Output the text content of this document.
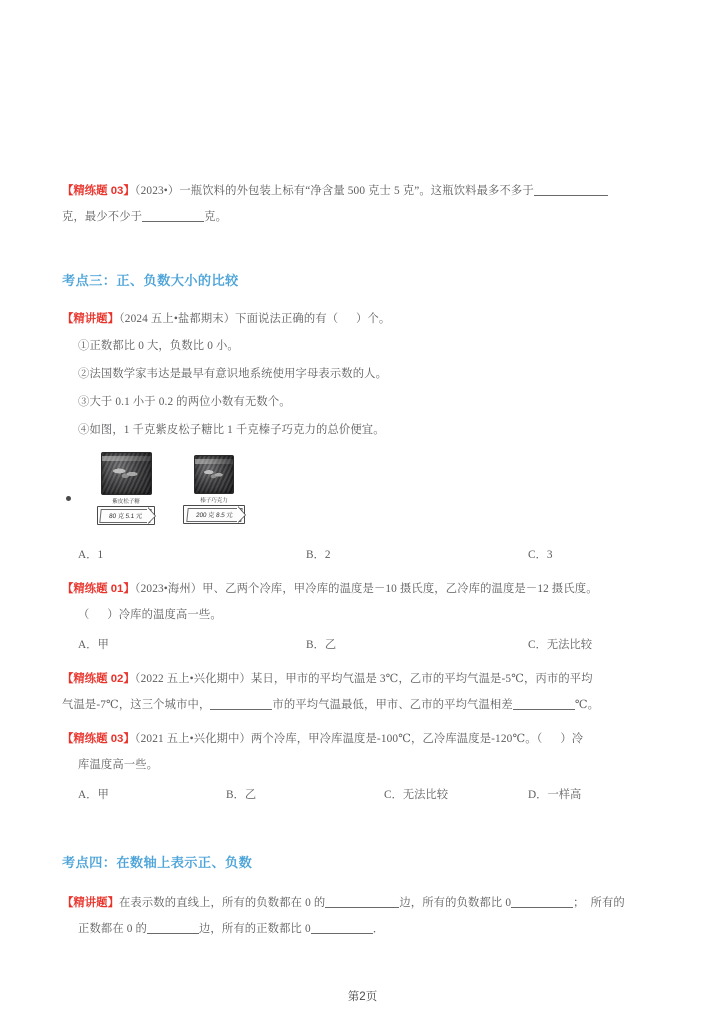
【精练题 03】（2023•）一瓶饮料的外包装上标有“净含量 500 克士 5 克”。这瓶饮料最多不多于
克，最少不少于	克。
考点三：正、负数大小的比较
【精讲题】（2024 五上•盐都期末）下面说法正确的有（      ）个。
①正数都比 0 大，负数比 0 小。
②法国数学家韦达是最早有意识地系统使用字母表示数的人。
③大于 0.1 小于 0.2 的两位小数有无数个。
④如图，1 千克紫皮松子糖比 1 千克榛子巧克力的总价便宜。
紫皮松子糖
80 克 5.1 元
榛子巧克力
200 克 8.5 元
A．1	B．2	C．3
【精练题 01】（2023•海州）甲、乙两个冷库，甲冷库的温度是－10 摄氏度，乙冷库的温度是－12 摄氏度。
（      ）冷库的温度高一些。
A．甲	B．乙	C．无法比较
【精练题 02】（2022 五上•兴化期中）某日，甲市的平均气温是 3℃，乙市的平均气温是-5℃，丙市的平均
气温是-7℃，这三个城市中，	市的平均气温最低，甲市、乙市的平均气温相差	℃。
【精练题 03】（2021 五上•兴化期中）两个冷库，甲冷库温度是-100℃，乙冷库温度是-120℃。（      ）冷
库温度高一些。
A．甲	B．乙	C．无法比较	D．一样高
考点四：在数轴上表示正、负数
【精讲题】在表示数的直线上，所有的负数都在 0 的	边，所有的负数都比 0	；  所有的
正数都在 0 的	边，所有的正数都比 0	．
第2页
